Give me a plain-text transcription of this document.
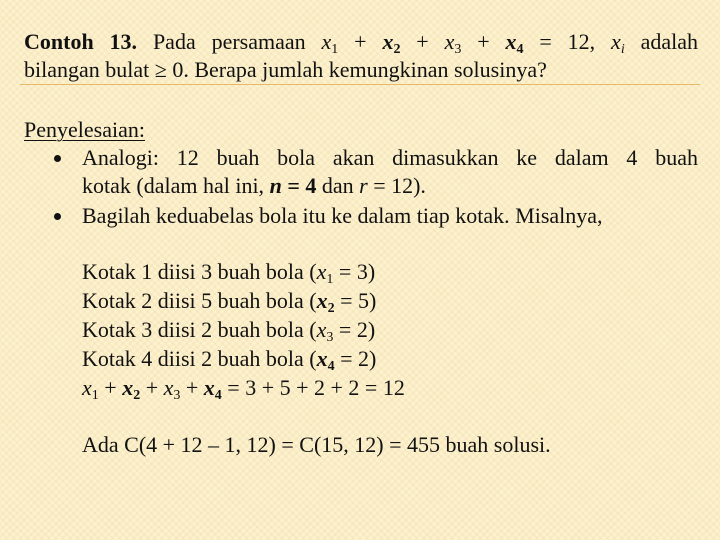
Contoh 13. Pada persamaan $x_1 + x_2 + x_3 + x_4 = 12$, $x_i$ adalah
bilangan bulat ≥ 0. Berapa jumlah kemungkinan solusinya?
Penyelesaian:
Analogi: 12 buah bola akan dimasukkan ke dalam 4 buah
kotak (dalam hal ini, n = 4 dan r = 12).
Bagilah keduabelas bola itu ke dalam tiap kotak. Misalnya,
Kotak 1 diisi 3 buah bola $(x_1 = 3)$
Kotak 2 diisi 5 buah bola $(x_2 = 5)$
Kotak 3 diisi 2 buah bola $(x_3 = 2)$
Kotak 4 diisi 2 buah bola $(x_4 = 2)$
$x_1 + x_2 + x_3 + x_4 = 3 + 5 + 2 + 2 = 12$
Ada C(4 + 12 – 1, 12) = C(15, 12) = 455 buah solusi.
